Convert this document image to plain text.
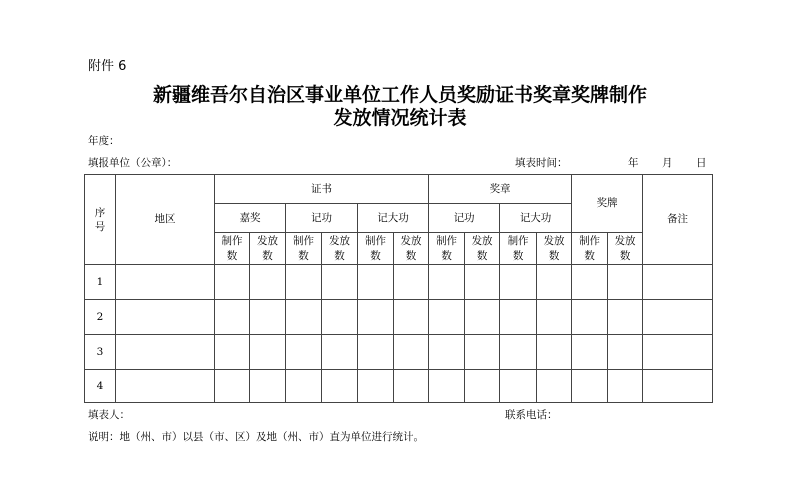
附件 6
新疆维吾尔自治区事业单位工作人员奖励证书奖章奖牌制作
发放情况统计表
年度：
填报单位（公章）：	填表时间：	年 月 日
序号	地区	证书						奖章				奖牌		备注
		嘉奖		记功		记大功		记功		记大功				

		制作数	发放数	制作数	发放数	制作数	发放数	制作数	发放数	制作数	发放数	制作数	发放数	

1														
2														
3														
4														
填表人：	联系电话：
说明：地（州、市）以县（市、区）及地（州、市）直为单位进行统计。
